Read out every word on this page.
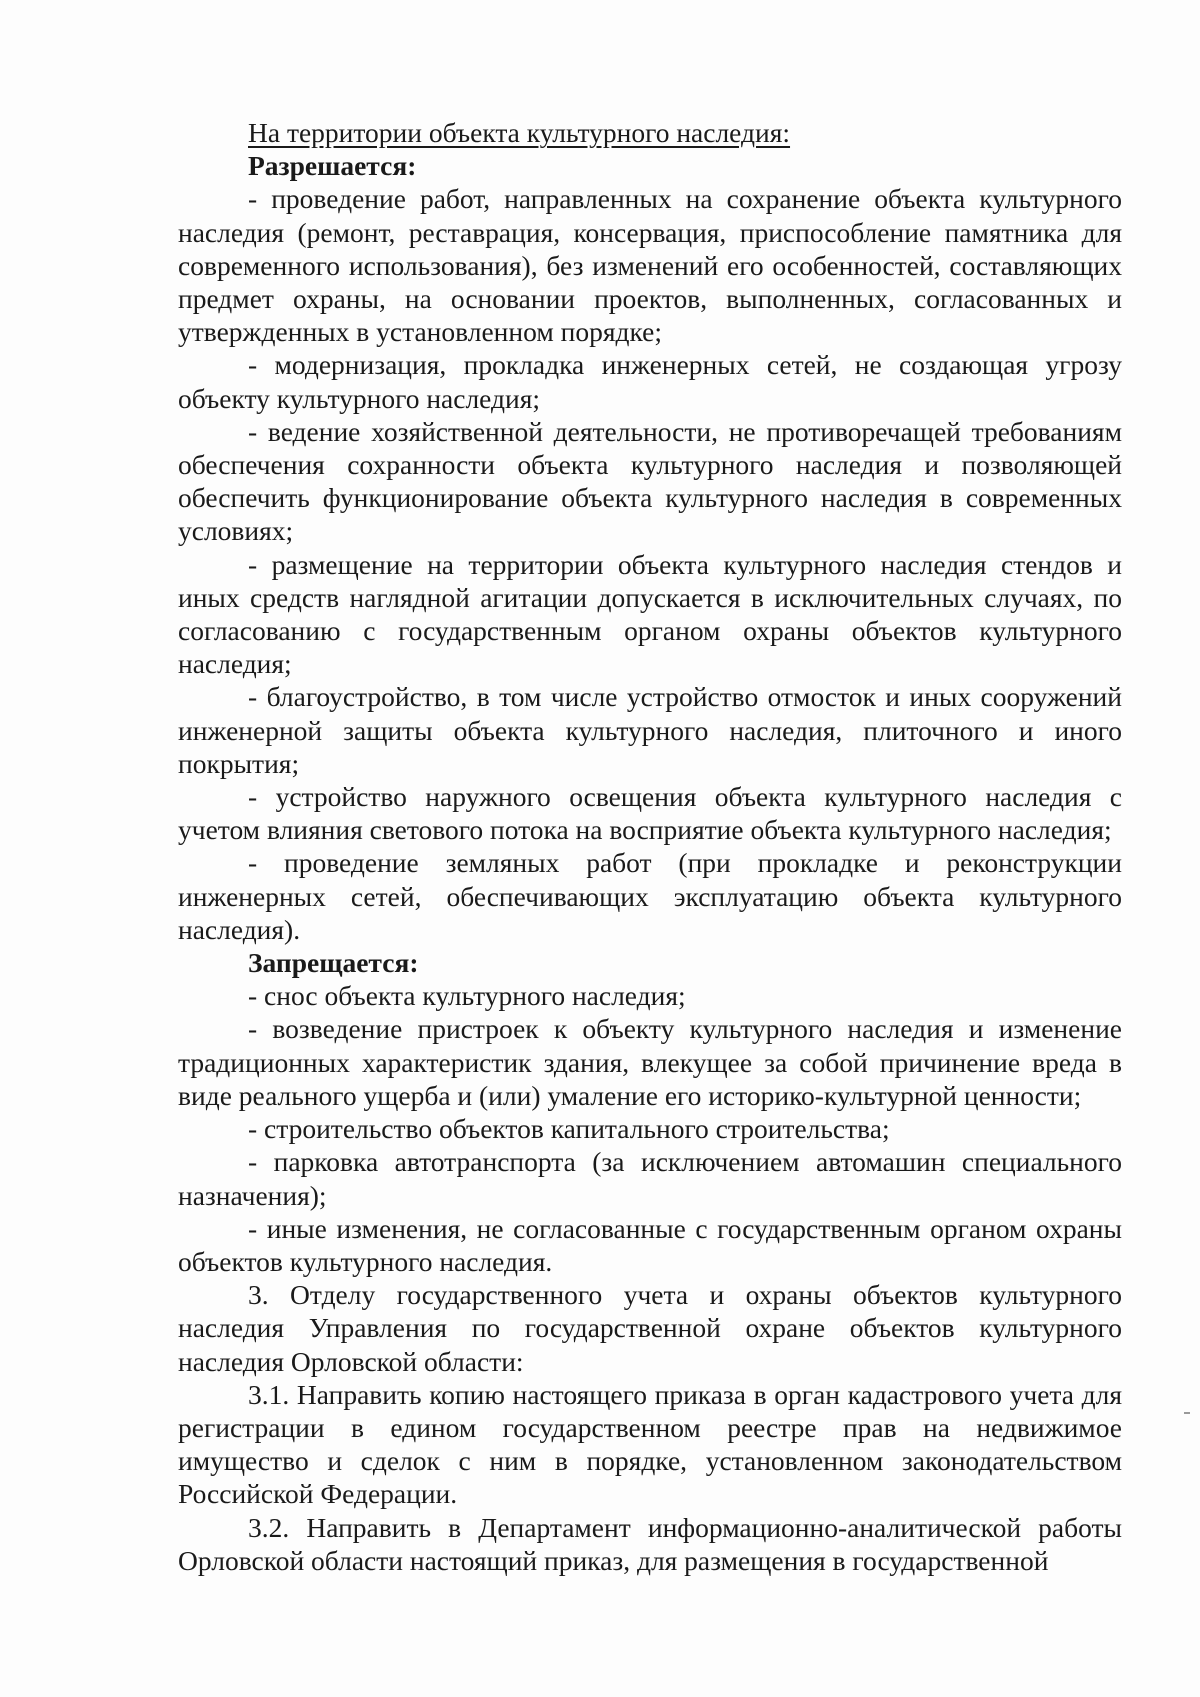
На территории объекта культурного наследия:

Разрешается:

- проведение работ, направленных на сохранение объекта культурного наследия (ремонт, реставрация, консервация, приспособление памятника для современного использования), без изменений его особенностей, составляющих предмет охраны, на основании проектов, выполненных, согласованных и утвержденных в установленном порядке;

- модернизация, прокладка инженерных сетей, не создающая угрозу объекту культурного наследия;

- ведение хозяйственной деятельности, не противоречащей требованиям обеспечения сохранности объекта культурного наследия и позволяющей обеспечить функционирование объекта культурного наследия в современных условиях;

- размещение на территории объекта культурного наследия стендов и иных средств наглядной агитации допускается в исключительных случаях, по согласованию с государственным органом охраны объектов культурного наследия;

- благоустройство, в том числе устройство отмосток и иных сооружений инженерной защиты объекта культурного наследия, плиточного и иного покрытия;

- устройство наружного освещения объекта культурного наследия с учетом влияния светового потока на восприятие объекта культурного наследия;

- проведение земляных работ (при прокладке и реконструкции инженерных сетей, обеспечивающих эксплуатацию объекта культурного наследия).

Запрещается:

- снос объекта культурного наследия;

- возведение пристроек к объекту культурного наследия и изменение традиционных характеристик здания, влекущее за собой причинение вреда в виде реального ущерба и (или) умаление его историко-культурной ценности;

- строительство объектов капитального строительства;

- парковка автотранспорта (за исключением автомашин специального назначения);

- иные изменения, не согласованные с государственным органом охраны объектов культурного наследия.

3. Отделу государственного учета и охраны объектов культурного наследия Управления по государственной охране объектов культурного наследия Орловской области:

3.1. Направить копию настоящего приказа в орган кадастрового учета для регистрации в едином государственном реестре прав на недвижимое имущество и сделок с ним в порядке, установленном законодательством Российской Федерации.

3.2. Направить в Департамент информационно-аналитической работы Орловской области настоящий приказ, для размещения в государственной
